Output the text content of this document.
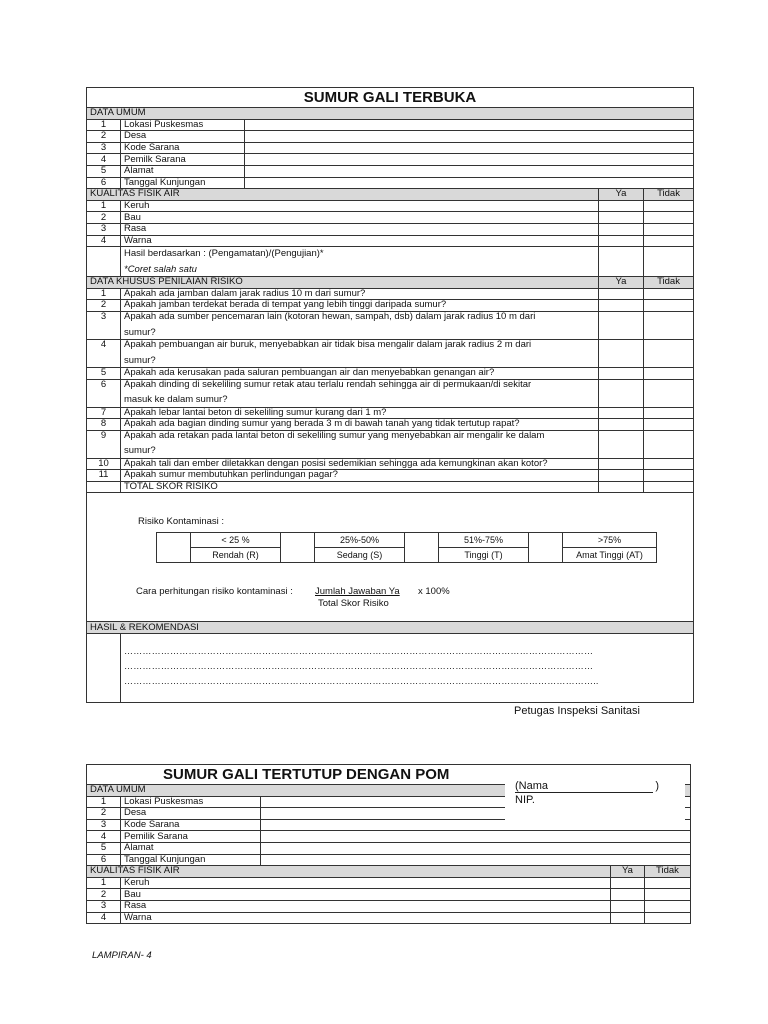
SUMUR GALI TERBUKA				
DATA UMUM				
1	Lokasi Puskesmas			
2	Desa			
3	Kode Sarana			
4	Pemilk Sarana			
5	Alamat			
6	Tanggal Kunjungan			
KUALITAS FISIK AIR			Ya	Tidak
1	Keruh			
2	Bau			
3	Rasa			
4	Warna			

	Hasil berdasarkan : (Pengamatan)/(Pengujian)*
*Coret salah satu			

DATA KHUSUS PENILAIAN RISIKO			Ya	Tidak
1	Apakah ada jamban dalam jarak radius 10 m dari sumur?			

2	Apakah jamban terdekat berada di tempat yang lebih tinggi daripada sumur?			

3	Apakah ada sumber pencemaran lain (kotoran hewan, sampah, dsb) dalam jarak radius 10 m dari
sumur?			

4	Apakah pembuangan air buruk, menyebabkan air tidak bisa mengalir dalam jarak radius 2 m dari
sumur?			

5	Apakah ada kerusakan pada saluran pembuangan air dan menyebabkan genangan air?			

6	Apakah dinding di sekeliling sumur retak atau terlalu rendah sehingga air di permukaan/di sekitar
masuk ke dalam sumur?			

7	Apakah lebar lantai beton di sekeliling sumur kurang dari 1 m?			

8	Apakah ada bagian dinding sumur yang berada 3 m di bawah tanah yang tidak tertutup rapat?			

9	Apakah ada retakan pada lantai beton di sekeliling sumur yang menyebabkan air mengalir ke dalam
sumur?			

10	Apakah tali dan ember diletakkan dengan posisi sedemikian sehingga ada kemungkinan akan kotor?			

11	Apakah sumur membutuhkan perlindungan pagar?			

	TOTAL SKOR RISIKO			

HASIL & REKOMENDASI				

	………………………………………………………………………………………………………………………………………
………………………………………………………………………………………………………………………………………
………………………………………………………………………………………………………………………………………..			
Risiko Kontaminasi :
	< 25 %		25%-50%		51%-75%		>75%
	Rendah (R)		Sedang (S)		Tinggi (T)		Amat Tinggi (AT)
Cara perhitungan risiko kontaminasi : Jumlah Jawaban Ya x 100%
Total Skor Risiko
Petugas Inspeksi Sanitasi
SUMUR GALI TERTUTUP DENGAN POM				
DATA UMUM				
1	Lokasi Puskesmas			
2	Desa			
3	Kode Sarana			
4	Pemilik Sarana			
5	Alamat			
6	Tanggal Kunjungan			
KUALITAS FISIK AIR			Ya	Tidak
1	Keruh			
2	Bau			
3	Rasa			
4	Warna			
(Nama	)
NIP.
LAMPIRAN- 4
